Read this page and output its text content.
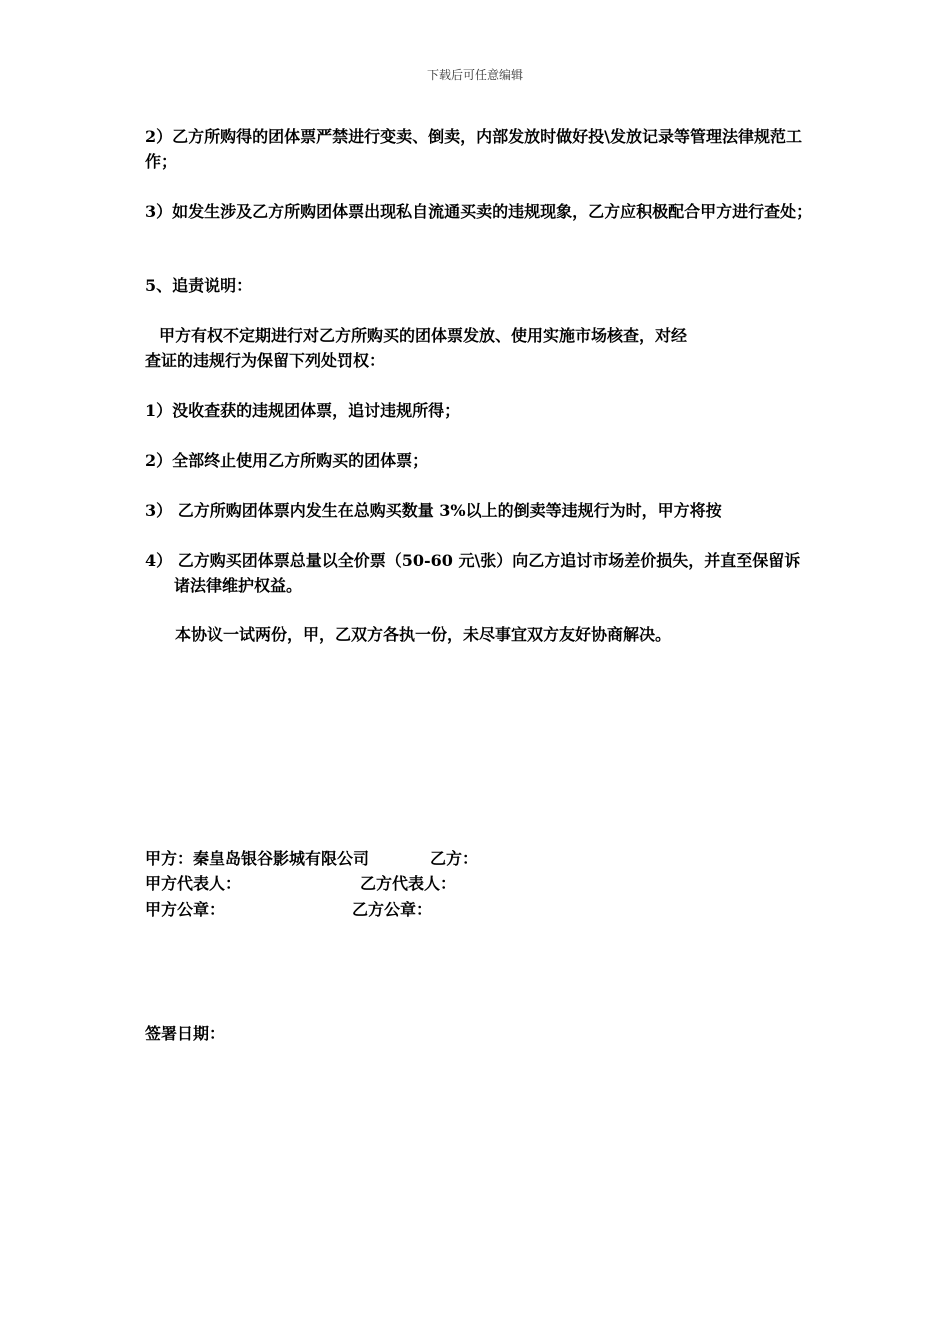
下载后可任意编辑
2）乙方所购得的团体票严禁进行变卖、倒卖，内部发放时做好投\发放记录等管理法律规范工作；
3）如发生涉及乙方所购团体票出现私自流通买卖的违规现象，乙方应积极配合甲方进行查处；
5、追责说明：
甲方有权不定期进行对乙方所购买的团体票发放、使用实施市场核查，对经
查证的违规行为保留下列处罚权：
1）没收查获的违规团体票，追讨违规所得；
2）全部终止使用乙方所购买的团体票；
3） 乙方所购团体票内发生在总购买数量 3%以上的倒卖等违规行为时，甲方将按
4） 乙方购买团体票总量以全价票（50-60 元\张）向乙方追讨市场差价损失，并直至保留诉诸法律维护权益。
本协议一试两份，甲，乙双方各执一份，未尽事宜双方友好协商解决。
甲方：秦皇岛银谷影城有限公司	乙方：
甲方代表人：	乙方代表人：
甲方公章：	乙方公章：
签署日期：
